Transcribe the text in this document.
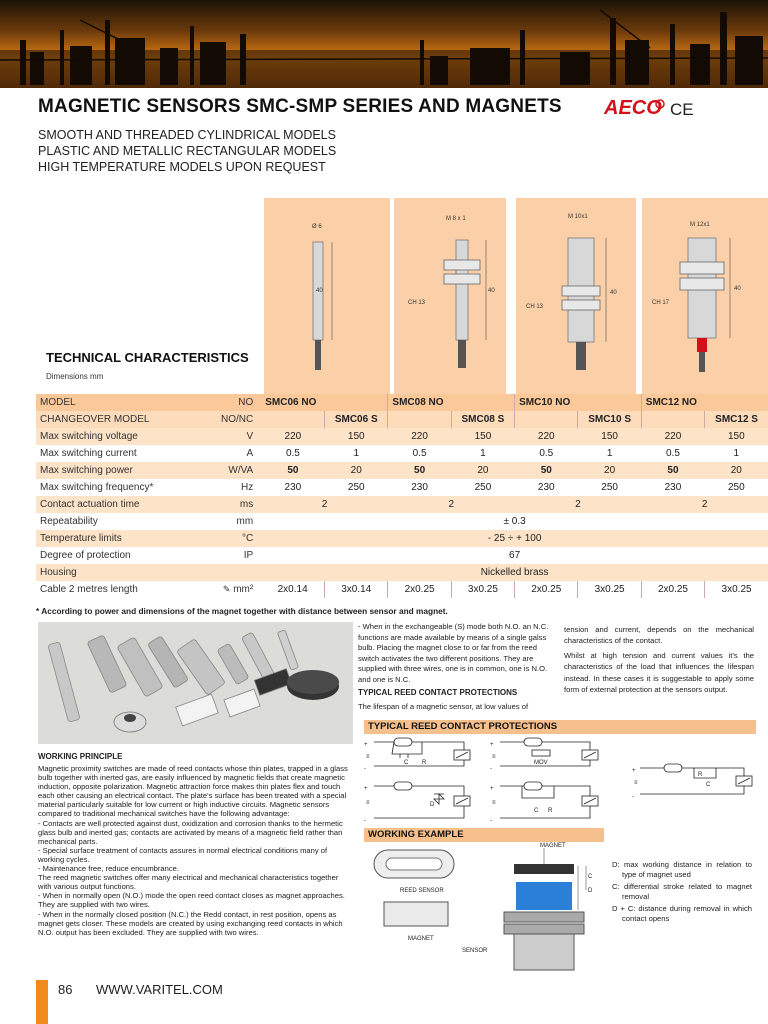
MAGNETIC SENSORS SMC-SMP SERIES AND MAGNETS AECO CE
SMOOTH AND THREADED CYLINDRICAL MODELS
PLASTIC AND METALLIC RECTANGULAR MODELS
HIGH TEMPERATURE MODELS UPON REQUEST
Ø 6
M 8 x 1	M 10x1
M 12x1
40	40	40
40
CH 13
CH 13
CH 17
TECHNICAL CHARACTERISTICS
Dimensions mm
MODEL	NO	SMC06 NO		SMC08 NO		SMC10 NO		SMC12 NO	
CHANGEOVER MODEL	NO/NC		SMC06 S		SMC08 S		SMC10 S		SMC12 S
Max switching voltage	V	220	150	220	150	220	150	220	150
Max switching current	A	0.5	1	0.5	1	0.5	1	0.5	1
Max switching power	W/VA	50	20	50	20	50	20	50	20
Max switching frequency*	Hz	230	250	230	250	230	250	230	250
Contact actuation time	ms	2		2		2		2	
Repeatability	mm	± 0.3							
Temperature limits	°C	- 25 ÷ + 100							
Degree of protection	IP	67							
Housing		Nickelled brass							
Cable 2 metres length	✎ mm²	2x0.14	3x0.14	2x0.25	3x0.25	2x0.25	3x0.25	2x0.25	3x0.25
* According to power and dimensions of the magnet together with distance between sensor and magnet.
WORKING PRINCIPLE

Magnetic proximity switches are made of reed contacts whose thin plates, trapped in a glass bulb together with inerted gas, are easily influenced by magnetic fields that create magnetic induction, opposite polarization. Magnetic attraction force makes thin plates flex and touch each other causing an electrical contact. The plate's surface has been treated with a special material particularly suitable for low current or high inductive circuits. Magnetic sensors compared to traditional mechanical switches have the following advantage:

- Contacts are well protected against dust, oxidization and corrosion thanks to the hermetic glass bulb and inerted gas; contacts are activated by means of a magnetic field rather than mechanical parts.

- Special surface treatment of contacts assures in normal electrical conditions many of working cycles.

- Maintenance free, reduce encumbrance.

The reed magnetic switches offer many electrical and mechanical characteristics together with various output functions.

- When in normally open (N.O.) mode the open reed contact closes as magnet approaches. They are supplied with two wires.

- When in the normally closed position (N.C.) the Redd contact, in rest position, opens as magnet gets closer. These models are created by using exchanging reed contacts in which N.O. output has been excluded. They are supplied with two wires.

- When in the exchangeable (S) mode both N.O. an N.C. functions are made available by means of a single galss bulb. Placing the magnet close to or far from the reed switch activates the two different positions. They are supplied with three wires, one is in common, one is N.O. and one is N.C.
TYPICAL REED CONTACT PROTECTIONS
The lifespan of a magnetic sensor, at low values of
tension and current, depends on the mechanical characteristics of the contact.
Whilst at high tension and current values it's the characteristics of the load that influences the lifespan instead. In these cases it is suggestable to apply some form of external protection at the sensors output.
TYPICAL REED CONTACT PROTECTIONS
+
-
≡
+
-
≡
+
-
≡
+
-
≡
+
-
≡
C R	MOV
D
C R
R
C
WORKING EXAMPLE
MAGNET
REED SENSOR
MAGNET
SENSOR
D
C

D: max working distance in relation to type of magnet used

C: differential stroke related to magnet removal

D + C: distance during removal in which contact opens

86 WWW.VARITEL.COM
